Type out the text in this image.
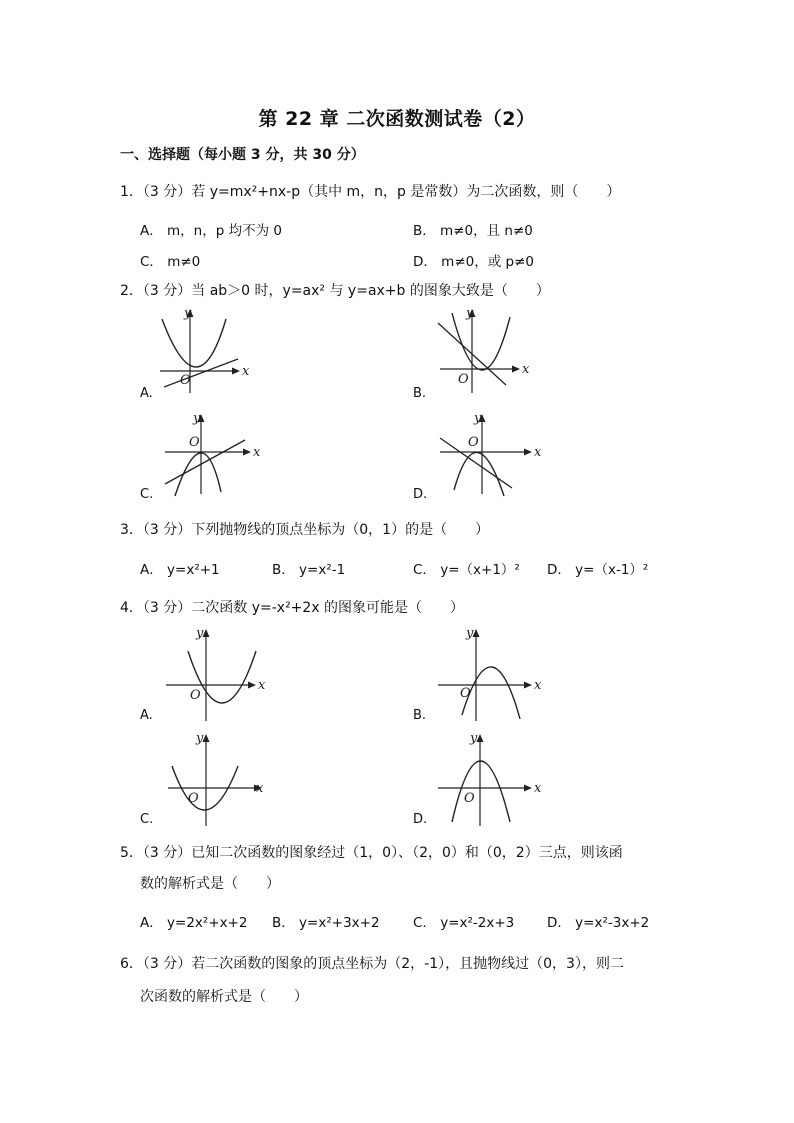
第 22 章 二次函数测试卷（2）
一、选择题（每小题 3 分，共 30 分）
1．（3 分）若 y=mx²+nx-p（其中 m，n，p 是常数）为二次函数，则（　　）
A． m，n，p 均不为 0	B． m≠0，且 n≠0
C． m≠0	D． m≠0，或 p≠0
2．（3 分）当 ab＞0 时，y=ax² 与 y=ax+b 的图象大致是（　　）
x
y
O
A.
x
y
O
B.
x
y
O
C.
x
y
O
D.
3．（3 分）下列抛物线的顶点坐标为（0，1）的是（　　）
A． y=x²+1	B． y=x²-1	C． y=（x+1）² D． y=（x-1）²
4．（3 分）二次函数 y=-x²+2x 的图象可能是（　　）
x
y
O
A.
x
y
O
B.
x
y
O
C.
x
y
O
D.
5．（3 分）已知二次函数的图象经过（1，0）、（2，0）和（0，2）三点，则该函
数的解析式是（　　）
A． y=2x²+x+2 B． y=x²+3x+2 C． y=x²-2x+3 D． y=x²-3x+2
6．（3 分）若二次函数的图象的顶点坐标为（2，-1），且抛物线过（0，3），则二
次函数的解析式是（　　）
